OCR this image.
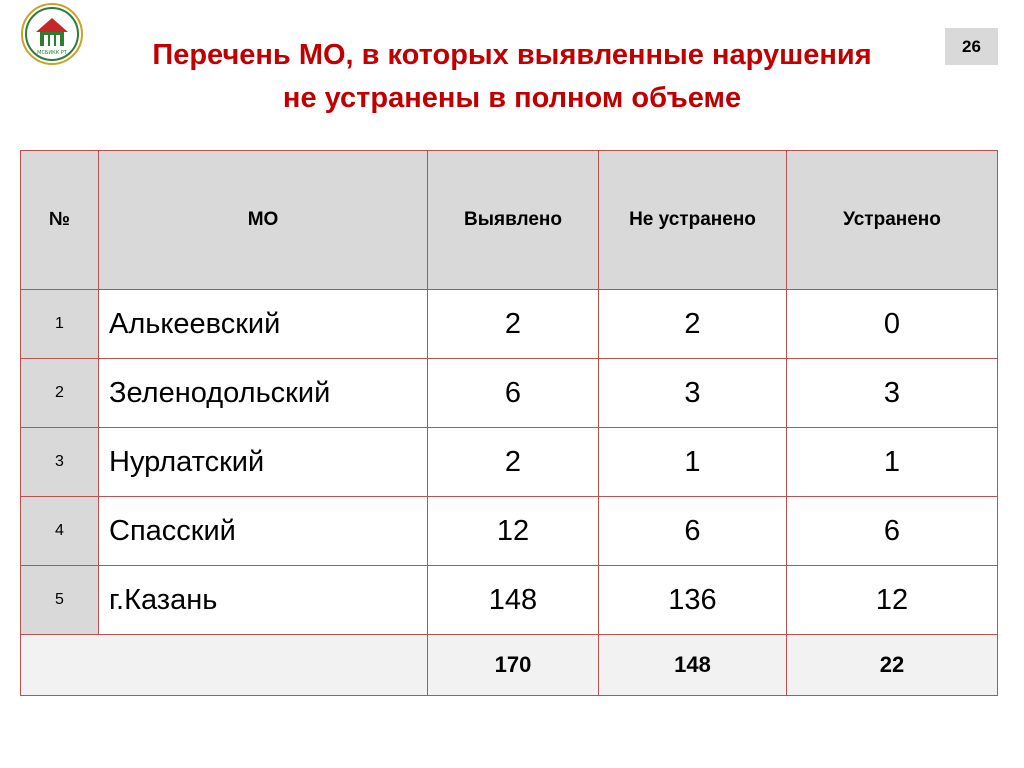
МСБИКК РТ	Перечень МО, в которых выявленные нарушения
не устранены в полном объеме
26
№	МО	Выявлено	Не устранено	Устранено
1	Алькеевский	2	2	0
2	Зеленодольский	6	3	3
3	Нурлатский	2	1	1
4	Спасский	12	6	6
5	г.Казань	148	136	12
		170	148	22
